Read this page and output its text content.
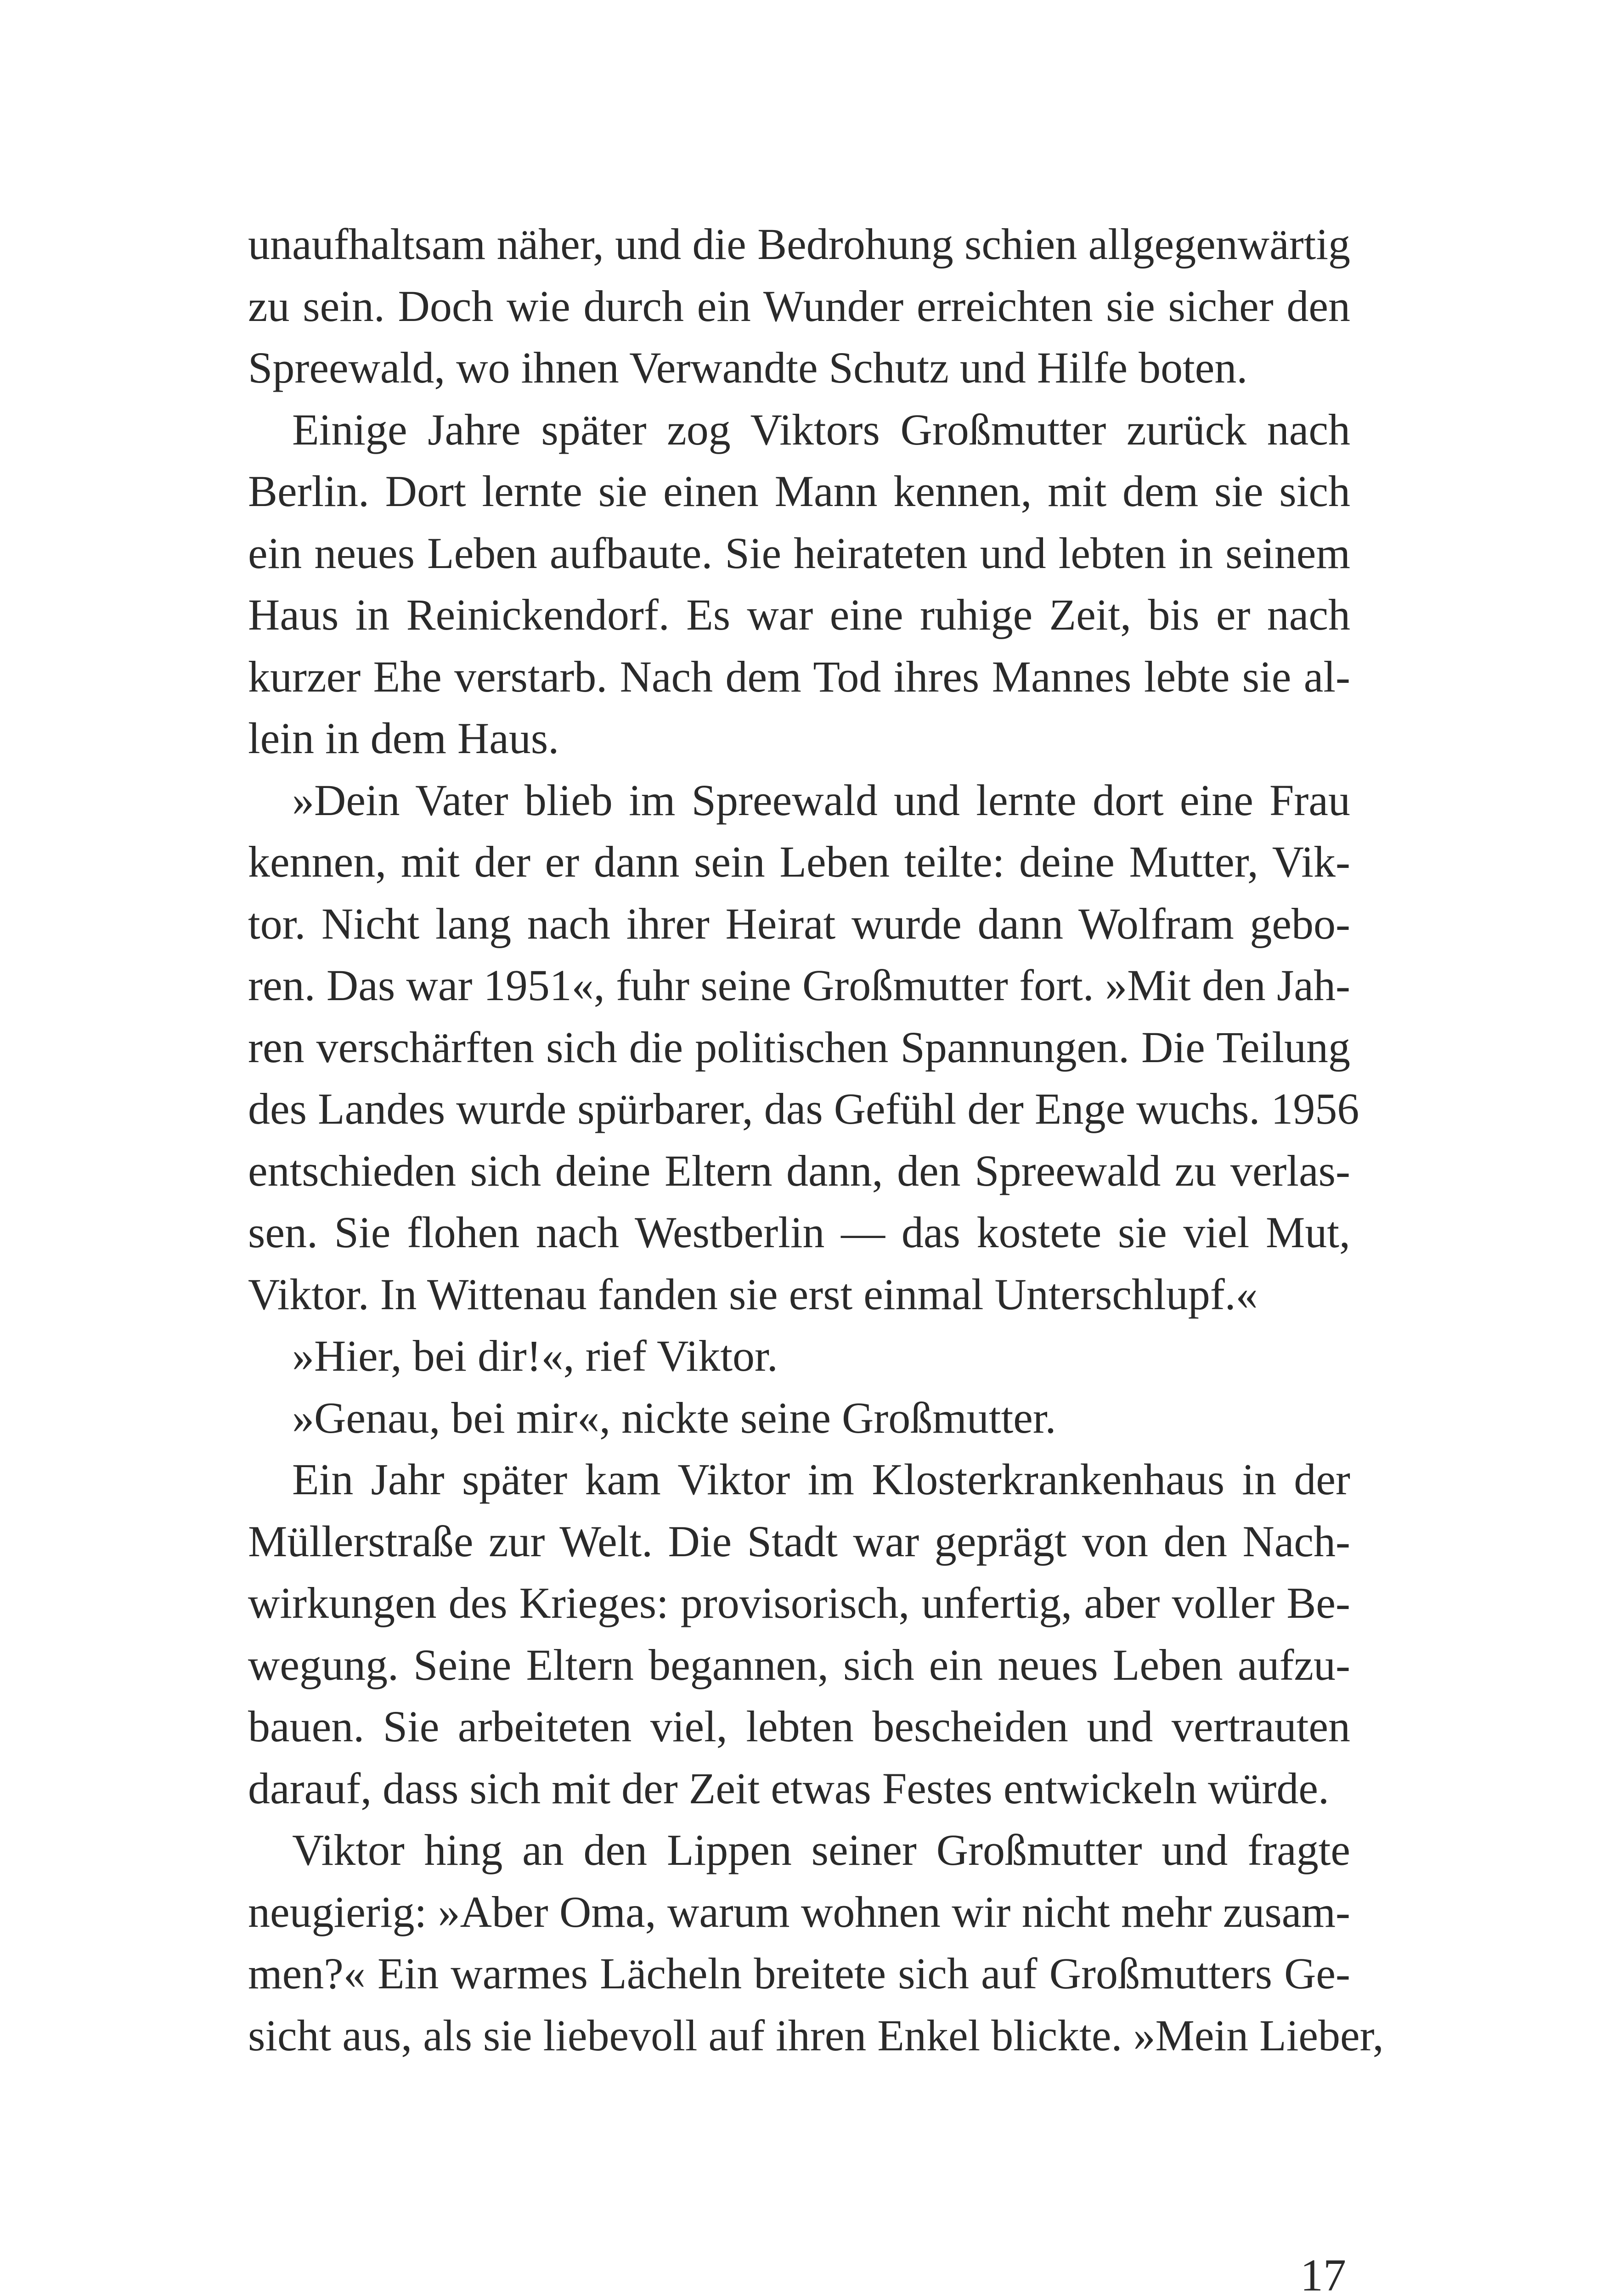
unaufhaltsam näher, und die Bedrohung schien allgegenwärtig
zu sein. Doch wie durch ein Wunder erreichten sie sicher den
Spreewald, wo ihnen Verwandte Schutz und Hilfe boten.
Einige Jahre später zog Viktors Großmutter zurück nach
Berlin. Dort lernte sie einen Mann kennen, mit dem sie sich
ein neues Leben aufbaute. Sie heirateten und lebten in seinem
Haus in Reinickendorf. Es war eine ruhige Zeit, bis er nach
kurzer Ehe verstarb. Nach dem Tod ihres Mannes lebte sie al-
lein in dem Haus.
»Dein Vater blieb im Spreewald und lernte dort eine Frau
kennen, mit der er dann sein Leben teilte: deine Mutter, Vik-
tor. Nicht lang nach ihrer Heirat wurde dann Wolfram gebo-
ren. Das war 1951«, fuhr seine Großmutter fort. »Mit den Jah-
ren verschärften sich die politischen Spannungen. Die Teilung
des Landes wurde spürbarer, das Gefühl der Enge wuchs. 1956
entschieden sich deine Eltern dann, den Spreewald zu verlas-
sen. Sie flohen nach Westberlin — das kostete sie viel Mut,
Viktor. In Wittenau fanden sie erst einmal Unterschlupf.«
»Hier, bei dir!«, rief Viktor.
»Genau, bei mir«, nickte seine Großmutter.
Ein Jahr später kam Viktor im Klosterkrankenhaus in der
Müllerstraße zur Welt. Die Stadt war geprägt von den Nach-
wirkungen des Krieges: provisorisch, unfertig, aber voller Be-
wegung. Seine Eltern begannen, sich ein neues Leben aufzu-
bauen. Sie arbeiteten viel, lebten bescheiden und vertrauten
darauf, dass sich mit der Zeit etwas Festes entwickeln würde.
Viktor hing an den Lippen seiner Großmutter und fragte
neugierig: »Aber Oma, warum wohnen wir nicht mehr zusam-
men?« Ein warmes Lächeln breitete sich auf Großmutters Ge-
sicht aus, als sie liebevoll auf ihren Enkel blickte. »Mein Lieber,
17
